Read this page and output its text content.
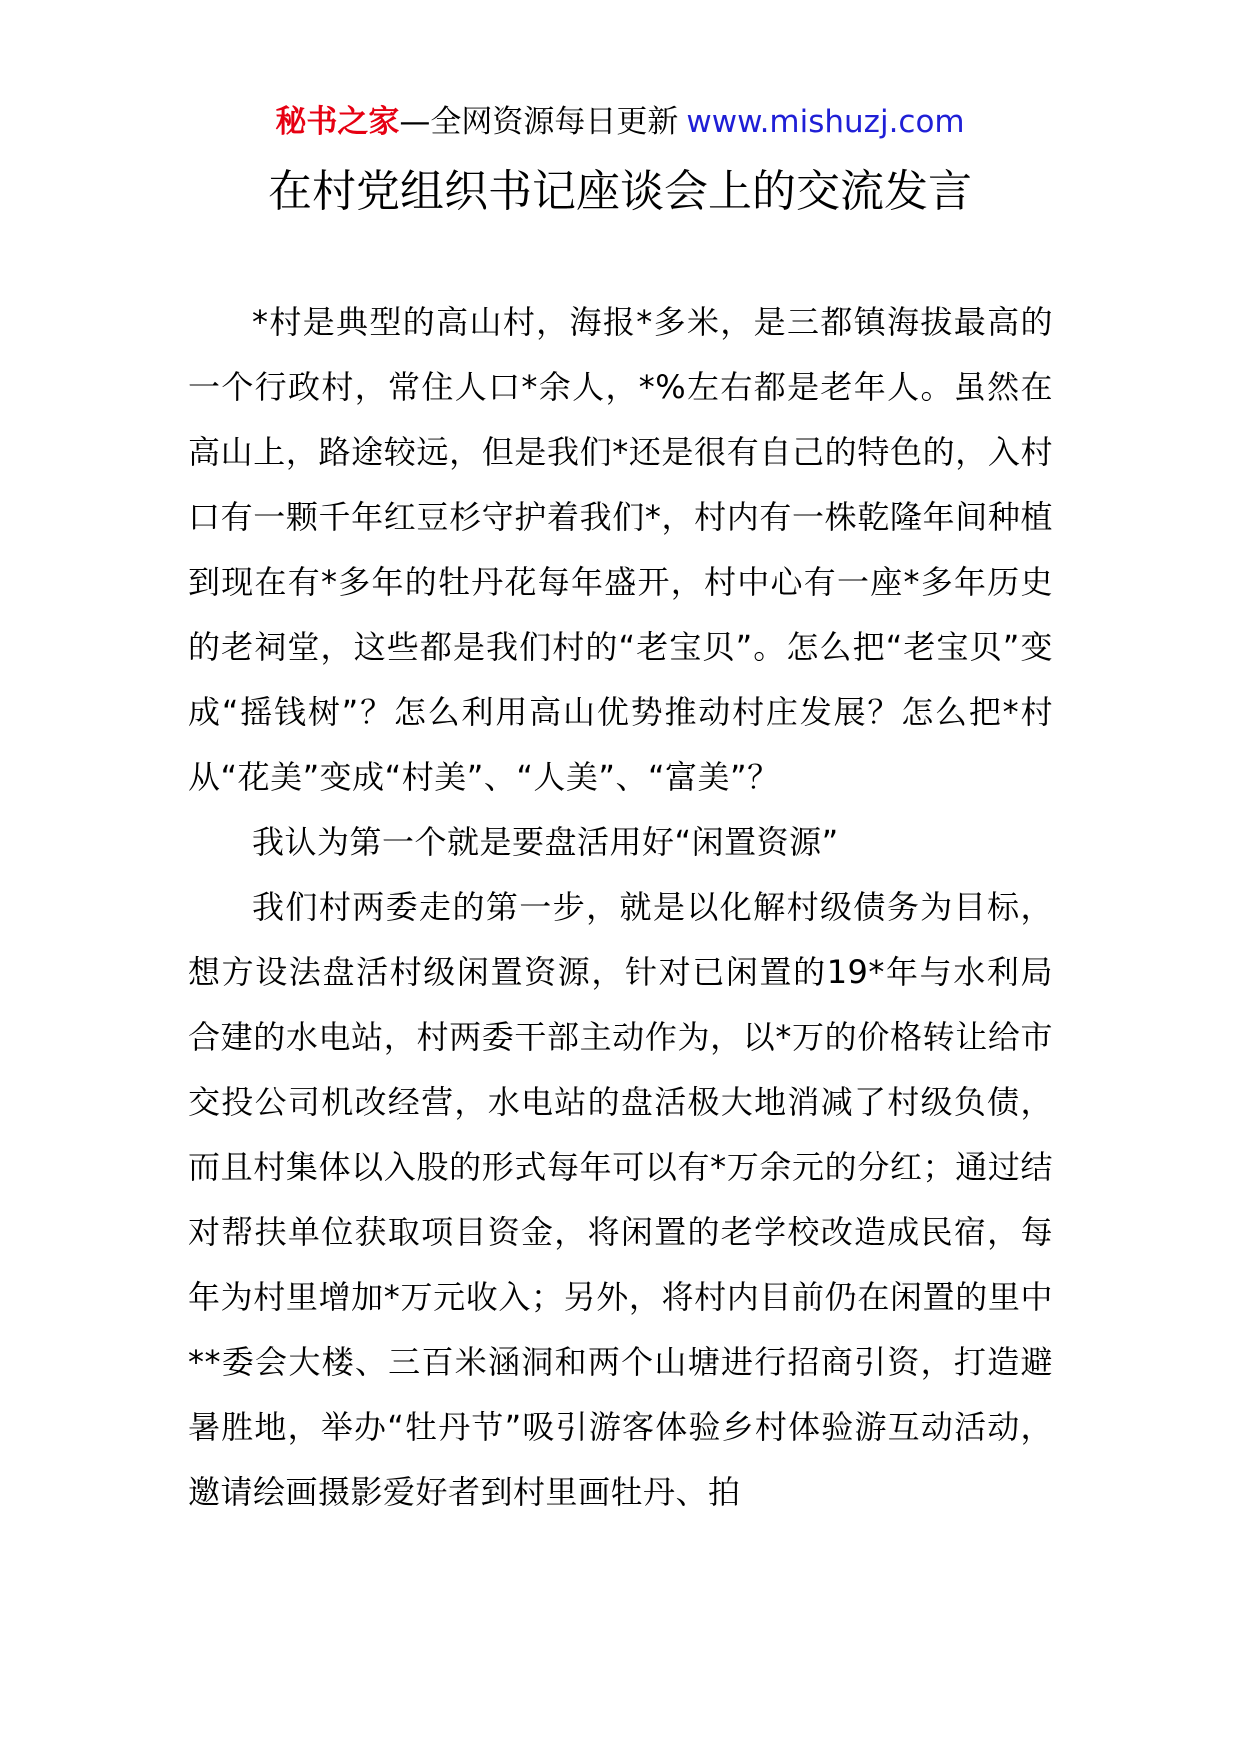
秘书之家—全网资源每日更新 www.mishuzj.com
在村党组织书记座谈会上的交流发言

*村是典型的高山村，海报*多米，是三都镇海拔最高的一个行政村，常住人口*余人，*%左右都是老年人。虽然在高山上，路途较远，但是我们*还是很有自己的特色的，入村口有一颗千年红豆杉守护着我们*，村内有一株乾隆年间种植到现在有*多年的牡丹花每年盛开，村中心有一座*多年历史的老祠堂，这些都是我们村的“老宝贝”。怎么把“老宝贝”变成“摇钱树”？怎么利用高山优势推动村庄发展？怎么把*村从“花美”变成“村美”、“人美”、“富美”？

我认为第一个就是要盘活用好“闲置资源”

我们村两委走的第一步，就是以化解村级债务为目标，想方设法盘活村级闲置资源，针对已闲置的19*年与水利局合建的水电站，村两委干部主动作为，以*万的价格转让给市交投公司机改经营，水电站的盘活极大地消减了村级负债，而且村集体以入股的形式每年可以有*万余元的分红；通过结对帮扶单位获取项目资金，将闲置的老学校改造成民宿，每年为村里增加*万元收入；另外，将村内目前仍在闲置的里中**委会大楼、三百米涵洞和两个山塘进行招商引资，打造避暑胜地，举办“牡丹节”吸引游客体验乡村体验游互动活动，邀请绘画摄影爱好者到村里画牡丹、拍
